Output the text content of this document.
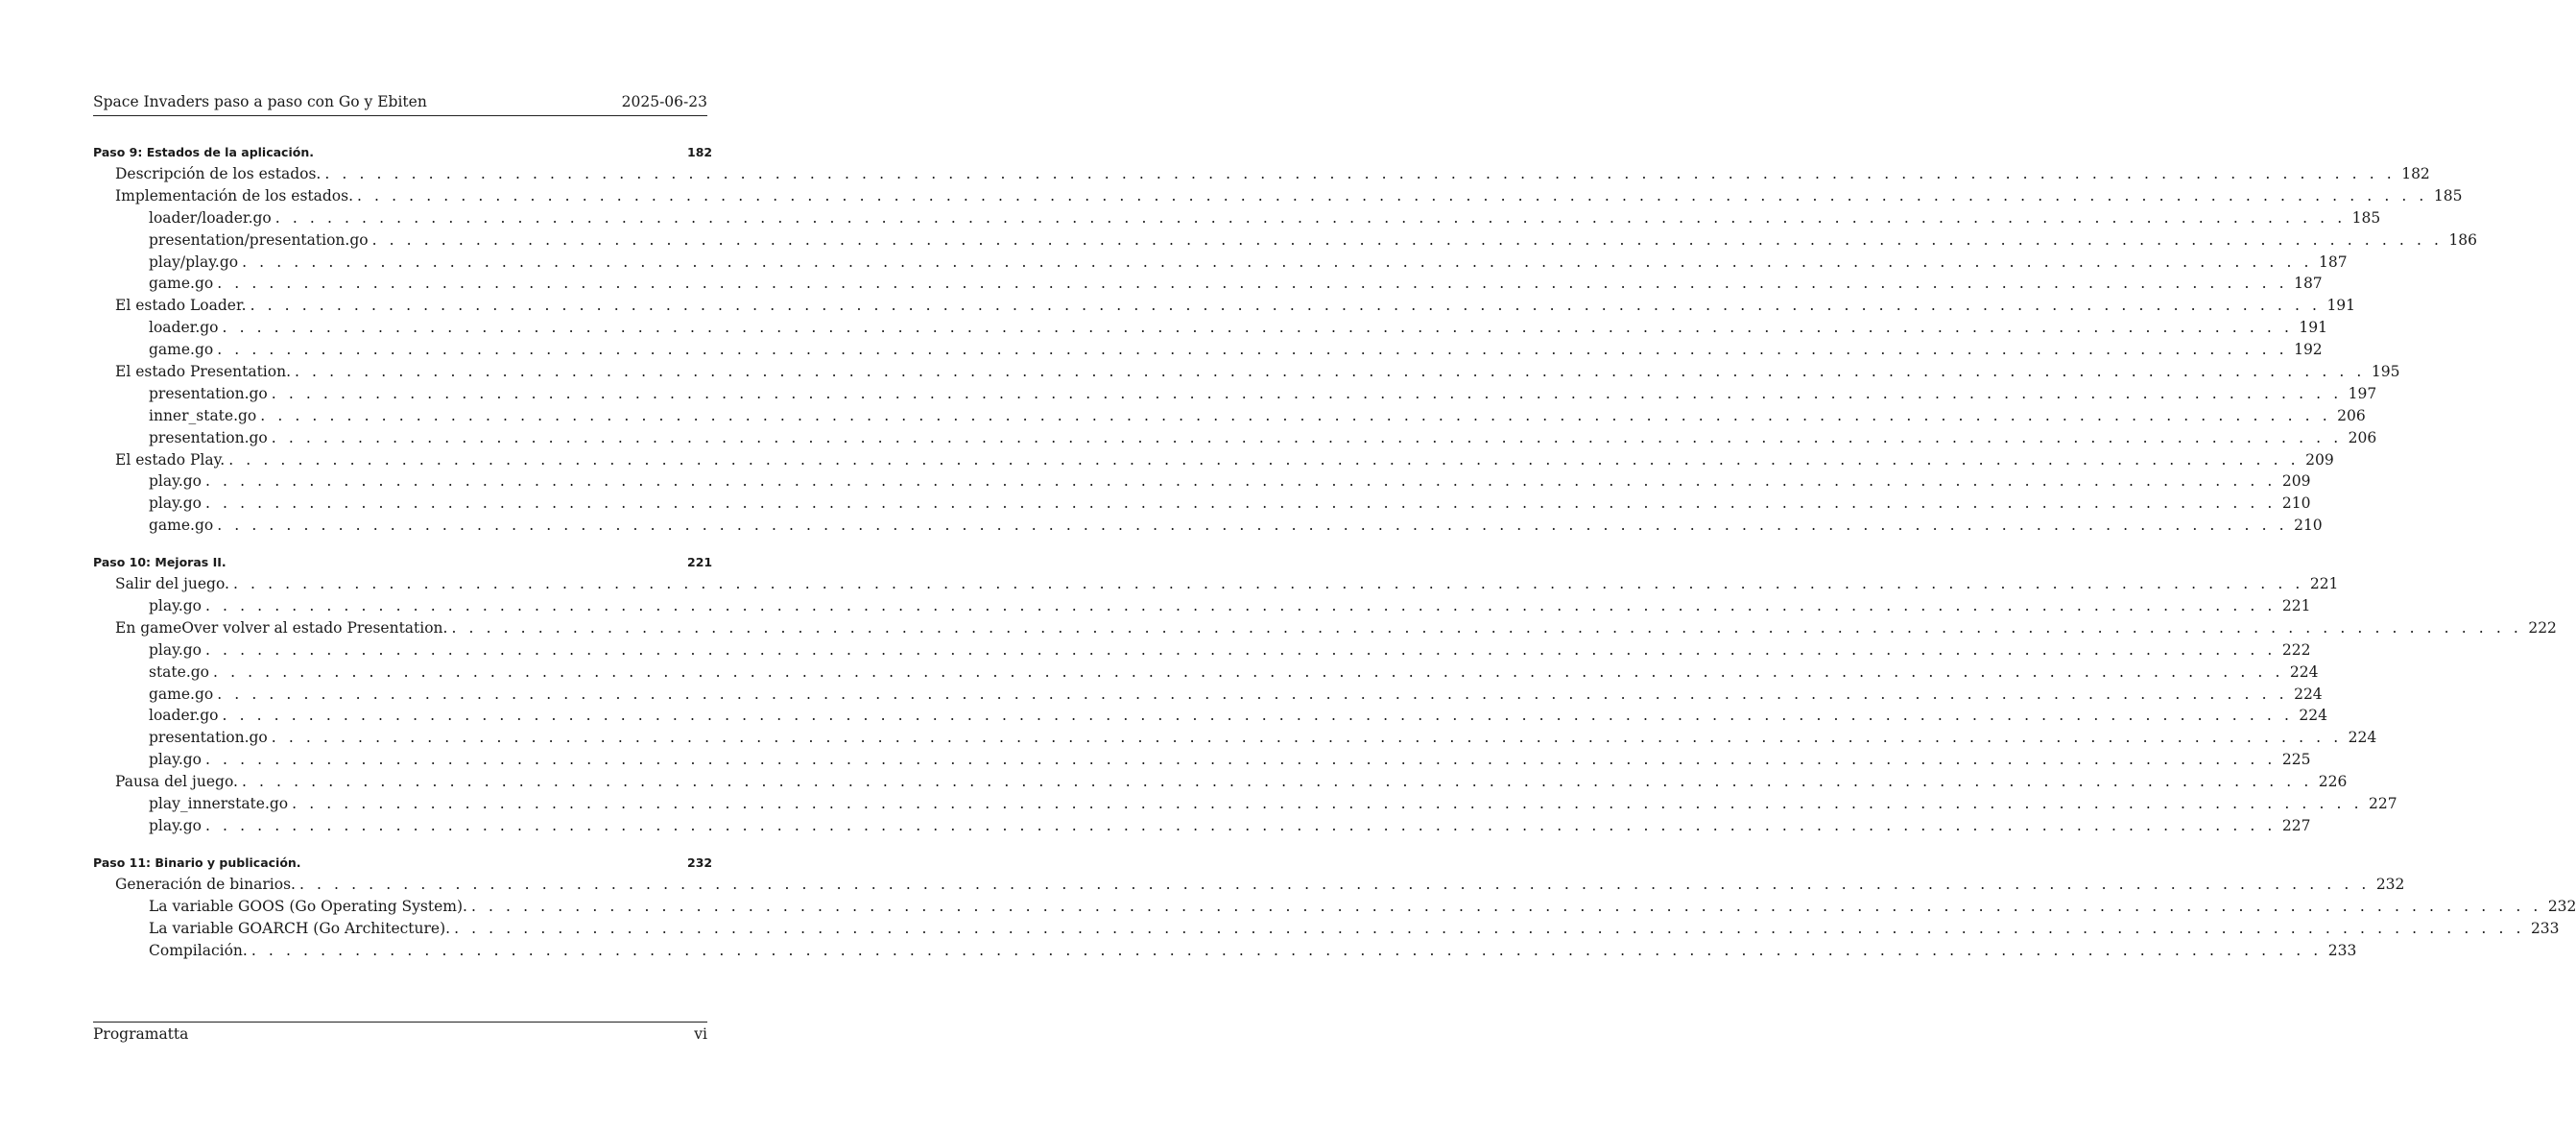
Space Invaders paso a paso con Go y Ebiten	2025-06-23
Paso 9: Estados de la aplicación.	182
Descripción de los estados. . . . . . . . . . . . . . . . . . . . . . . . . . . . . . . . . . . . . . . . . . . . . . . . . . . . . . . . . . . . . . . . . . . . . . . . . . . . . . . . . . . . . . . . . . . . . . . . . . . . . . . . . . . . . . . . . . . . . . . . . 182
Implementación de los estados. . . . . . . . . . . . . . . . . . . . . . . . . . . . . . . . . . . . . . . . . . . . . . . . . . . . . . . . . . . . . . . . . . . . . . . . . . . . . . . . . . . . . . . . . . . . . . . . . . . . . . . . . . . . . . . . . . . . . . . . . 185
loader/loader.go . . . . . . . . . . . . . . . . . . . . . . . . . . . . . . . . . . . . . . . . . . . . . . . . . . . . . . . . . . . . . . . . . . . . . . . . . . . . . . . . . . . . . . . . . . . . . . . . . . . . . . . . . . . . . . . . . . . . . . . . 185
presentation/presentation.go . . . . . . . . . . . . . . . . . . . . . . . . . . . . . . . . . . . . . . . . . . . . . . . . . . . . . . . . . . . . . . . . . . . . . . . . . . . . . . . . . . . . . . . . . . . . . . . . . . . . . . . . . . . . . . . . . . . . . . . . 186
play/play.go . . . . . . . . . . . . . . . . . . . . . . . . . . . . . . . . . . . . . . . . . . . . . . . . . . . . . . . . . . . . . . . . . . . . . . . . . . . . . . . . . . . . . . . . . . . . . . . . . . . . . . . . . . . . . . . . . . . . . . . . 187
game.go . . . . . . . . . . . . . . . . . . . . . . . . . . . . . . . . . . . . . . . . . . . . . . . . . . . . . . . . . . . . . . . . . . . . . . . . . . . . . . . . . . . . . . . . . . . . . . . . . . . . . . . . . . . . . . . . . . . . . . . . 187
El estado Loader. . . . . . . . . . . . . . . . . . . . . . . . . . . . . . . . . . . . . . . . . . . . . . . . . . . . . . . . . . . . . . . . . . . . . . . . . . . . . . . . . . . . . . . . . . . . . . . . . . . . . . . . . . . . . . . . . . . . . . . . . 191
loader.go . . . . . . . . . . . . . . . . . . . . . . . . . . . . . . . . . . . . . . . . . . . . . . . . . . . . . . . . . . . . . . . . . . . . . . . . . . . . . . . . . . . . . . . . . . . . . . . . . . . . . . . . . . . . . . . . . . . . . . . . 191
game.go . . . . . . . . . . . . . . . . . . . . . . . . . . . . . . . . . . . . . . . . . . . . . . . . . . . . . . . . . . . . . . . . . . . . . . . . . . . . . . . . . . . . . . . . . . . . . . . . . . . . . . . . . . . . . . . . . . . . . . . . 192
El estado Presentation. . . . . . . . . . . . . . . . . . . . . . . . . . . . . . . . . . . . . . . . . . . . . . . . . . . . . . . . . . . . . . . . . . . . . . . . . . . . . . . . . . . . . . . . . . . . . . . . . . . . . . . . . . . . . . . . . . . . . . . . . 195
presentation.go . . . . . . . . . . . . . . . . . . . . . . . . . . . . . . . . . . . . . . . . . . . . . . . . . . . . . . . . . . . . . . . . . . . . . . . . . . . . . . . . . . . . . . . . . . . . . . . . . . . . . . . . . . . . . . . . . . . . . . . . 197
inner_state.go . . . . . . . . . . . . . . . . . . . . . . . . . . . . . . . . . . . . . . . . . . . . . . . . . . . . . . . . . . . . . . . . . . . . . . . . . . . . . . . . . . . . . . . . . . . . . . . . . . . . . . . . . . . . . . . . . . . . . . . . 206
presentation.go . . . . . . . . . . . . . . . . . . . . . . . . . . . . . . . . . . . . . . . . . . . . . . . . . . . . . . . . . . . . . . . . . . . . . . . . . . . . . . . . . . . . . . . . . . . . . . . . . . . . . . . . . . . . . . . . . . . . . . . . 206
El estado Play. . . . . . . . . . . . . . . . . . . . . . . . . . . . . . . . . . . . . . . . . . . . . . . . . . . . . . . . . . . . . . . . . . . . . . . . . . . . . . . . . . . . . . . . . . . . . . . . . . . . . . . . . . . . . . . . . . . . . . . . . 209
play.go . . . . . . . . . . . . . . . . . . . . . . . . . . . . . . . . . . . . . . . . . . . . . . . . . . . . . . . . . . . . . . . . . . . . . . . . . . . . . . . . . . . . . . . . . . . . . . . . . . . . . . . . . . . . . . . . . . . . . . . . 209
play.go . . . . . . . . . . . . . . . . . . . . . . . . . . . . . . . . . . . . . . . . . . . . . . . . . . . . . . . . . . . . . . . . . . . . . . . . . . . . . . . . . . . . . . . . . . . . . . . . . . . . . . . . . . . . . . . . . . . . . . . . 210
game.go . . . . . . . . . . . . . . . . . . . . . . . . . . . . . . . . . . . . . . . . . . . . . . . . . . . . . . . . . . . . . . . . . . . . . . . . . . . . . . . . . . . . . . . . . . . . . . . . . . . . . . . . . . . . . . . . . . . . . . . . 210
Paso 10: Mejoras II.	221
Salir del juego. . . . . . . . . . . . . . . . . . . . . . . . . . . . . . . . . . . . . . . . . . . . . . . . . . . . . . . . . . . . . . . . . . . . . . . . . . . . . . . . . . . . . . . . . . . . . . . . . . . . . . . . . . . . . . . . . . . . . . . . . 221
play.go . . . . . . . . . . . . . . . . . . . . . . . . . . . . . . . . . . . . . . . . . . . . . . . . . . . . . . . . . . . . . . . . . . . . . . . . . . . . . . . . . . . . . . . . . . . . . . . . . . . . . . . . . . . . . . . . . . . . . . . . 221
En gameOver volver al estado Presentation. . . . . . . . . . . . . . . . . . . . . . . . . . . . . . . . . . . . . . . . . . . . . . . . . . . . . . . . . . . . . . . . . . . . . . . . . . . . . . . . . . . . . . . . . . . . . . . . . . . . . . . . . . . . . . . . . . . . . . . . . 222
play.go . . . . . . . . . . . . . . . . . . . . . . . . . . . . . . . . . . . . . . . . . . . . . . . . . . . . . . . . . . . . . . . . . . . . . . . . . . . . . . . . . . . . . . . . . . . . . . . . . . . . . . . . . . . . . . . . . . . . . . . . 222
state.go . . . . . . . . . . . . . . . . . . . . . . . . . . . . . . . . . . . . . . . . . . . . . . . . . . . . . . . . . . . . . . . . . . . . . . . . . . . . . . . . . . . . . . . . . . . . . . . . . . . . . . . . . . . . . . . . . . . . . . . . 224
game.go . . . . . . . . . . . . . . . . . . . . . . . . . . . . . . . . . . . . . . . . . . . . . . . . . . . . . . . . . . . . . . . . . . . . . . . . . . . . . . . . . . . . . . . . . . . . . . . . . . . . . . . . . . . . . . . . . . . . . . . . 224
loader.go . . . . . . . . . . . . . . . . . . . . . . . . . . . . . . . . . . . . . . . . . . . . . . . . . . . . . . . . . . . . . . . . . . . . . . . . . . . . . . . . . . . . . . . . . . . . . . . . . . . . . . . . . . . . . . . . . . . . . . . . 224
presentation.go . . . . . . . . . . . . . . . . . . . . . . . . . . . . . . . . . . . . . . . . . . . . . . . . . . . . . . . . . . . . . . . . . . . . . . . . . . . . . . . . . . . . . . . . . . . . . . . . . . . . . . . . . . . . . . . . . . . . . . . . 224
play.go . . . . . . . . . . . . . . . . . . . . . . . . . . . . . . . . . . . . . . . . . . . . . . . . . . . . . . . . . . . . . . . . . . . . . . . . . . . . . . . . . . . . . . . . . . . . . . . . . . . . . . . . . . . . . . . . . . . . . . . . 225
Pausa del juego. . . . . . . . . . . . . . . . . . . . . . . . . . . . . . . . . . . . . . . . . . . . . . . . . . . . . . . . . . . . . . . . . . . . . . . . . . . . . . . . . . . . . . . . . . . . . . . . . . . . . . . . . . . . . . . . . . . . . . . . . 226
play_innerstate.go . . . . . . . . . . . . . . . . . . . . . . . . . . . . . . . . . . . . . . . . . . . . . . . . . . . . . . . . . . . . . . . . . . . . . . . . . . . . . . . . . . . . . . . . . . . . . . . . . . . . . . . . . . . . . . . . . . . . . . . . 227
play.go . . . . . . . . . . . . . . . . . . . . . . . . . . . . . . . . . . . . . . . . . . . . . . . . . . . . . . . . . . . . . . . . . . . . . . . . . . . . . . . . . . . . . . . . . . . . . . . . . . . . . . . . . . . . . . . . . . . . . . . . 227
Paso 11: Binario y publicación.	232
Generación de binarios. . . . . . . . . . . . . . . . . . . . . . . . . . . . . . . . . . . . . . . . . . . . . . . . . . . . . . . . . . . . . . . . . . . . . . . . . . . . . . . . . . . . . . . . . . . . . . . . . . . . . . . . . . . . . . . . . . . . . . . . . 232
La variable GOOS (Go Operating System). . . . . . . . . . . . . . . . . . . . . . . . . . . . . . . . . . . . . . . . . . . . . . . . . . . . . . . . . . . . . . . . . . . . . . . . . . . . . . . . . . . . . . . . . . . . . . . . . . . . . . . . . . . . . . . . . . . . . . . . . 232
La variable GOARCH (Go Architecture). . . . . . . . . . . . . . . . . . . . . . . . . . . . . . . . . . . . . . . . . . . . . . . . . . . . . . . . . . . . . . . . . . . . . . . . . . . . . . . . . . . . . . . . . . . . . . . . . . . . . . . . . . . . . . . . . . . . . . . . . 233
Compilación. . . . . . . . . . . . . . . . . . . . . . . . . . . . . . . . . . . . . . . . . . . . . . . . . . . . . . . . . . . . . . . . . . . . . . . . . . . . . . . . . . . . . . . . . . . . . . . . . . . . . . . . . . . . . . . . . . . . . . . . . 233
Programatta	vi
